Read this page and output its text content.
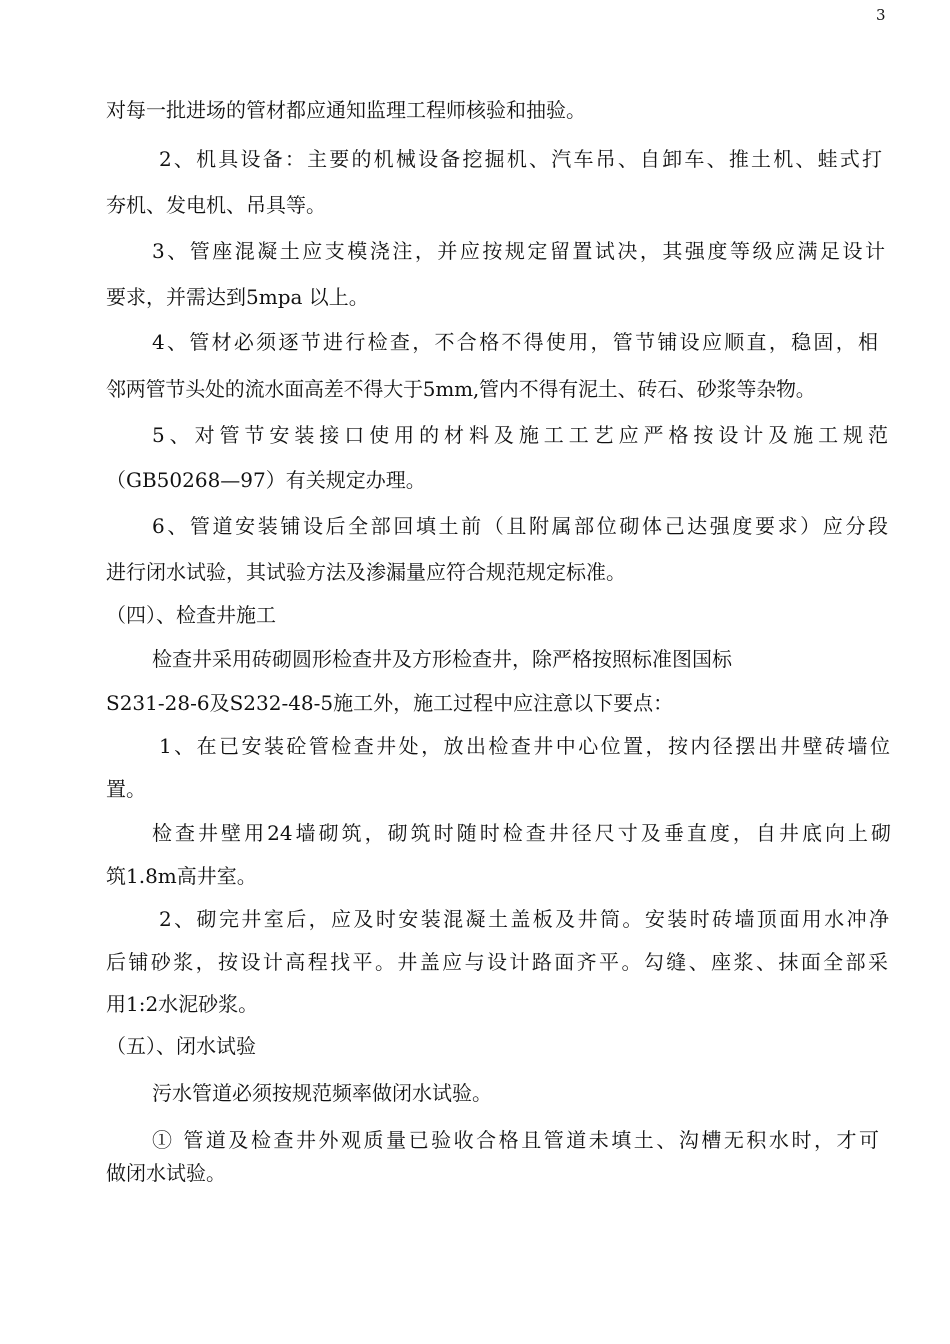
3
对每一批进场的管材都应通知监理工程师核验和抽验。
2、机具设备：主要的机械设备挖掘机、汽车吊、自卸车、推土机、蛙式打
夯机、发电机、吊具等。
3、管座混凝土应支模浇注，并应按规定留置试决，其强度等级应满足设计
要求，并需达到5mpa 以上。
4、管材必须逐节进行检查，不合格不得使用，管节铺设应顺直，稳固，相
邻两管节头处的流水面高差不得大于5mm,管内不得有泥土、砖石、砂浆等杂物。
5、对管节安装接口使用的材料及施工工艺应严格按设计及施工规范
（GB50268—97）有关规定办理。
6、管道安装铺设后全部回填土前（且附属部位砌体己达强度要求）应分段
进行闭水试验，其试验方法及渗漏量应符合规范规定标准。
（四）、检查井施工
检查井采用砖砌圆形检查井及方形检查井，除严格按照标准图国标
S231-28-6及S232-48-5施工外，施工过程中应注意以下要点：
1、在已安装砼管检查井处，放出检查井中心位置，按内径摆出井壁砖墙位
置。
检查井壁用24墙砌筑，砌筑时随时检查井径尺寸及垂直度，自井底向上砌
筑1.8m高井室。
2、砌完井室后，应及时安装混凝土盖板及井筒。安装时砖墙顶面用水冲净
后铺砂浆，按设计高程找平。井盖应与设计路面齐平。勾缝、座浆、抹面全部采
用1:2水泥砂浆。
（五）、闭水试验
污水管道必须按规范频率做闭水试验。
① 管道及检查井外观质量已验收合格且管道未填土、沟槽无积水时，才可
做闭水试验。
